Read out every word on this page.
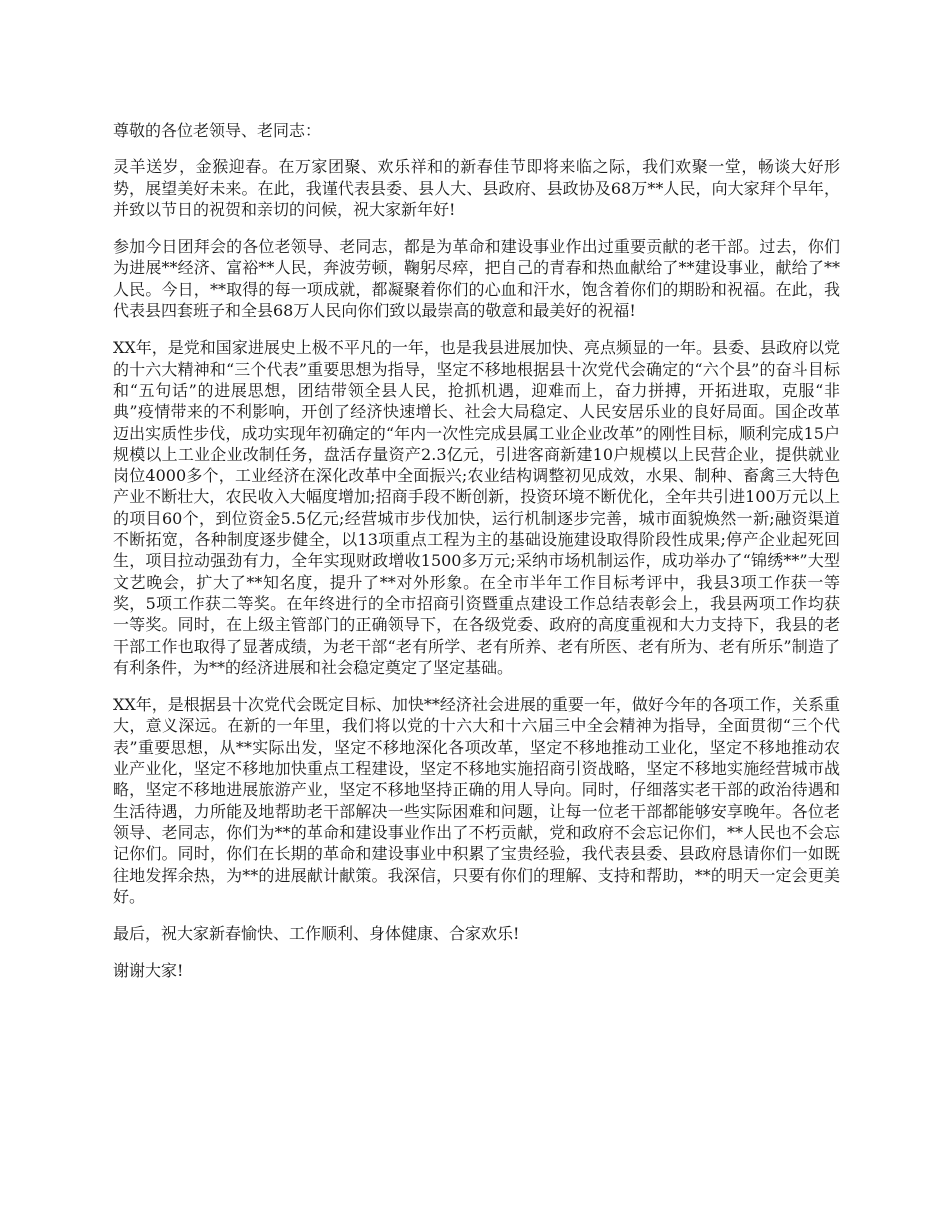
尊敬的各位老领导、老同志：

灵羊送岁，金猴迎春。在万家团聚、欢乐祥和的新春佳节即将来临之际，我们欢聚一堂，畅谈大好形势，展望美好未来。在此，我谨代表县委、县人大、县政府、县政协及68万**人民，向大家拜个早年，并致以节日的祝贺和亲切的问候，祝大家新年好!

参加今日团拜会的各位老领导、老同志，都是为革命和建设事业作出过重要贡献的老干部。过去，你们为进展**经济、富裕**人民，奔波劳顿，鞠躬尽瘁，把自己的青春和热血献给了**建设事业，献给了**人民。今日，**取得的每一项成就，都凝聚着你们的心血和汗水，饱含着你们的期盼和祝福。在此，我代表县四套班子和全县68万人民向你们致以最崇高的敬意和最美好的祝福!

XX年，是党和国家进展史上极不平凡的一年，也是我县进展加快、亮点频显的一年。县委、县政府以党的十六大精神和“三个代表”重要思想为指导，坚定不移地根据县十次党代会确定的“六个县”的奋斗目标和“五句话”的进展思想，团结带领全县人民，抢抓机遇，迎难而上，奋力拼搏，开拓进取，克服“非典”疫情带来的不利影响，开创了经济快速增长、社会大局稳定、人民安居乐业的良好局面。国企改革迈出实质性步伐，成功实现年初确定的“年内一次性完成县属工业企业改革”的刚性目标，顺利完成15户规模以上工业企业改制任务，盘活存量资产2.3亿元，引进客商新建10户规模以上民营企业，提供就业岗位4000多个，工业经济在深化改革中全面振兴;农业结构调整初见成效，水果、制种、畜禽三大特色产业不断壮大，农民收入大幅度增加;招商手段不断创新，投资环境不断优化，全年共引进100万元以上的项目60个，到位资金5.5亿元;经营城市步伐加快，运行机制逐步完善，城市面貌焕然一新;融资渠道不断拓宽，各种制度逐步健全，以13项重点工程为主的基础设施建设取得阶段性成果;停产企业起死回生，项目拉动强劲有力，全年实现财政增收1500多万元;采纳市场机制运作，成功举办了“锦绣**”大型文艺晚会，扩大了**知名度，提升了**对外形象。在全市半年工作目标考评中，我县3项工作获一等奖，5项工作获二等奖。在年终进行的全市招商引资暨重点建设工作总结表彰会上，我县两项工作均获一等奖。同时，在上级主管部门的正确领导下，在各级党委、政府的高度重视和大力支持下，我县的老干部工作也取得了显著成绩，为老干部“老有所学、老有所养、老有所医、老有所为、老有所乐”制造了有利条件，为**的经济进展和社会稳定奠定了坚定基础。

XX年，是根据县十次党代会既定目标、加快**经济社会进展的重要一年，做好今年的各项工作，关系重大，意义深远。在新的一年里，我们将以党的十六大和十六届三中全会精神为指导，全面贯彻“三个代表”重要思想，从**实际出发，坚定不移地深化各项改革，坚定不移地推动工业化，坚定不移地推动农业产业化，坚定不移地加快重点工程建设，坚定不移地实施招商引资战略，坚定不移地实施经营城市战略，坚定不移地进展旅游产业，坚定不移地坚持正确的用人导向。同时，仔细落实老干部的政治待遇和生活待遇，力所能及地帮助老干部解决一些实际困难和问题，让每一位老干部都能够安享晚年。各位老领导、老同志，你们为**的革命和建设事业作出了不朽贡献，党和政府不会忘记你们，**人民也不会忘记你们。同时，你们在长期的革命和建设事业中积累了宝贵经验，我代表县委、县政府恳请你们一如既往地发挥余热，为**的进展献计献策。我深信，只要有你们的理解、支持和帮助，**的明天一定会更美好。

最后，祝大家新春愉快、工作顺利、身体健康、合家欢乐!

谢谢大家!
